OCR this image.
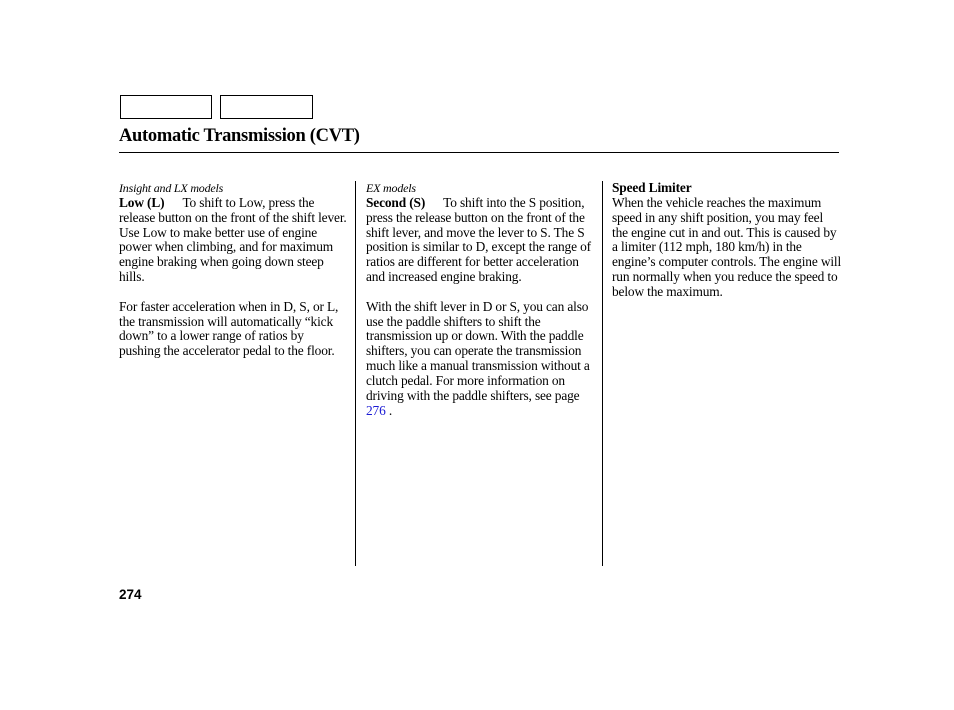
Automatic Transmission (CVT)
Insight and LX models

Low (L) To shift to Low, press the release button on the front of the shift lever. Use Low to make better use of engine power when climbing, and for maximum engine braking when going down steep hills.

For faster acceleration when in D, S, or L, the transmission will automatically “kick down” to a lower range of ratios by pushing the accelerator pedal to the floor.

EX models

Second (S) To shift into the S position, press the release button on the front of the shift lever, and move the lever to S. The S position is similar to D, except the range of ratios are different for better acceleration and increased engine braking.

With the shift lever in D or S, you can also use the paddle shifters to shift the transmission up or down. With the paddle shifters, you can operate the transmission much like a manual transmission without a clutch pedal. For more information on driving with the paddle shifters, see page 276 .

Speed Limiter

When the vehicle reaches the maximum speed in any shift position, you may feel the engine cut in and out. This is caused by a limiter (112 mph, 180 km/h) in the engine’s computer controls. The engine will run normally when you reduce the speed to below the maximum.

274
